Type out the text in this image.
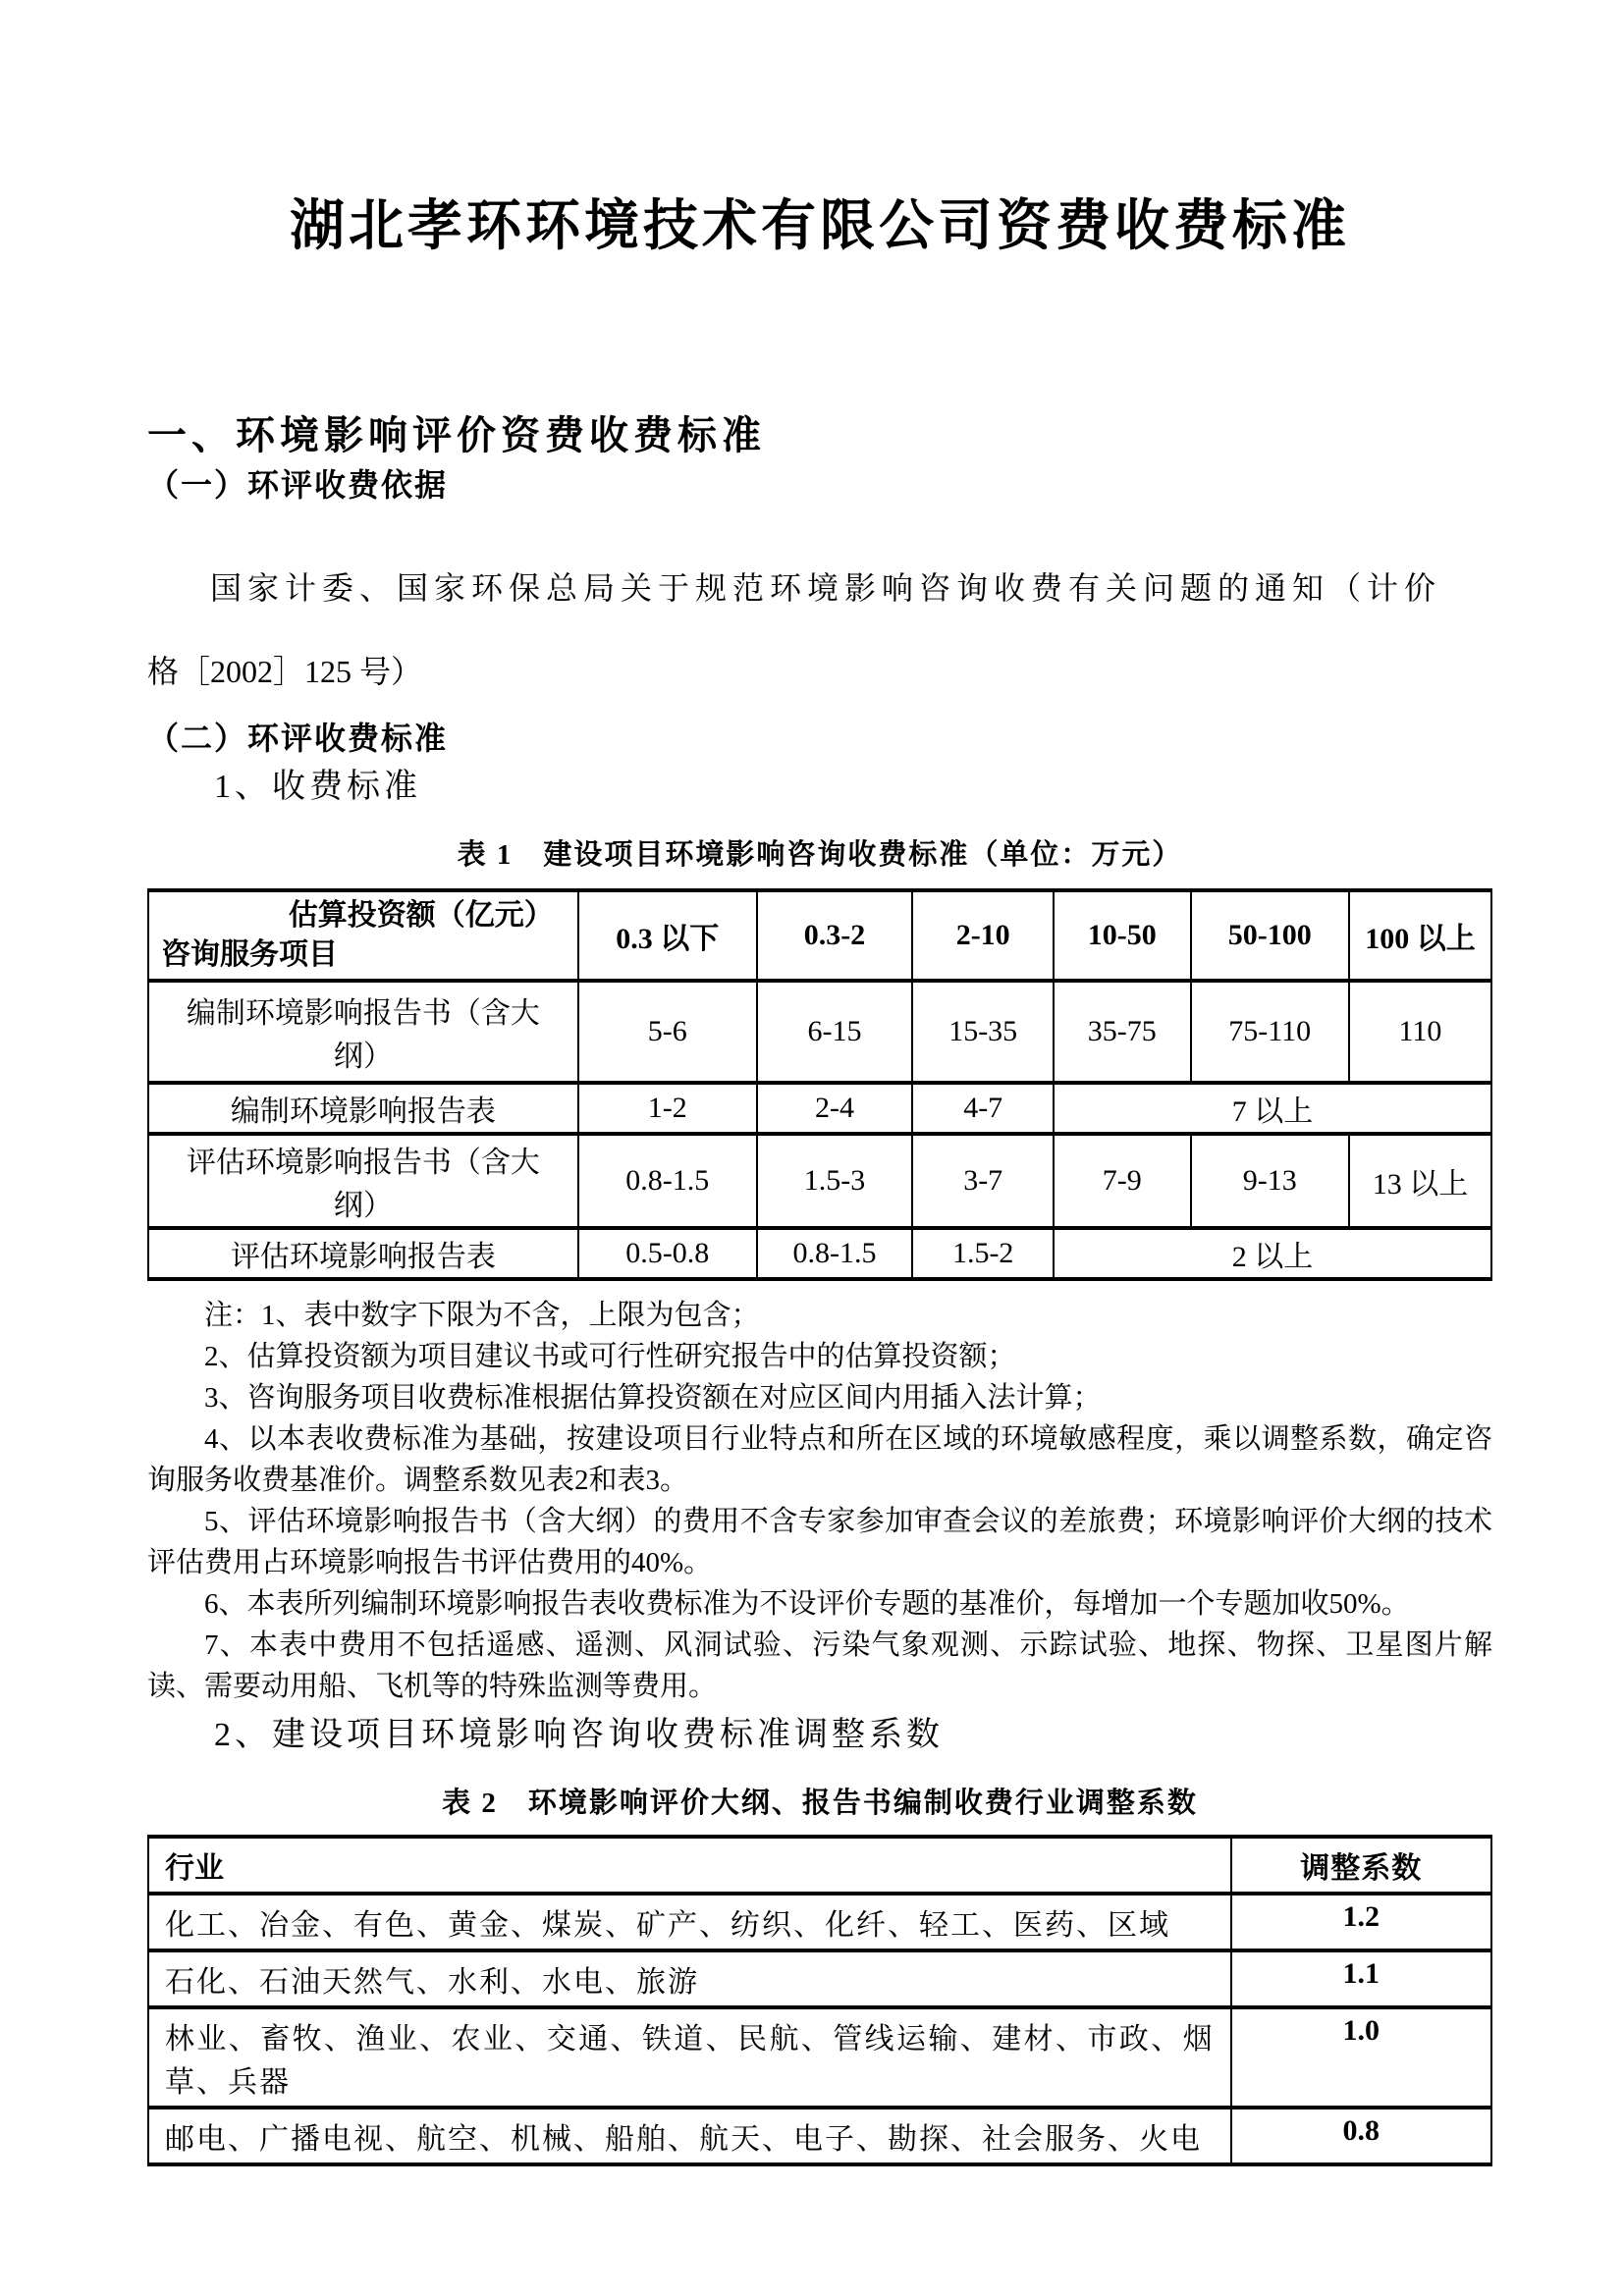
湖北孝环环境技术有限公司资费收费标准
一、环境影响评价资费收费标准
（一）环评收费依据

国家计委、国家环保总局关于规范环境影响咨询收费有关问题的通知（计价
格［2002］125 号）

（二）环评收费标准
1、收费标准
表 1　建设项目环境影响咨询收费标准（单位：万元）
估算投资额（亿元）
咨询服务项目	0.3 以下	0.3-2	2-10	10-50	50-100	100 以上
编制环境影响报告书（含大纲）	5-6	6-15	15-35	35-75	75-110	110
编制环境影响报告表	1-2	2-4	4-7	7 以上		
评估环境影响报告书（含大纲）	0.8-1.5	1.5-3	3-7	7-9	9-13	13 以上
评估环境影响报告表	0.5-0.8	0.8-1.5	1.5-2	2 以上		

注：1、表中数字下限为不含，上限为包含；

2、估算投资额为项目建议书或可行性研究报告中的估算投资额；

3、咨询服务项目收费标准根据估算投资额在对应区间内用插入法计算；

4、以本表收费标准为基础，按建设项目行业特点和所在区域的环境敏感程度，乘以调整系数，确定咨询服务收费基准价。调整系数见表2和表3。

5、评估环境影响报告书（含大纲）的费用不含专家参加审查会议的差旅费；环境影响评价大纲的技术评估费用占环境影响报告书评估费用的40%。

6、本表所列编制环境影响报告表收费标准为不设评价专题的基准价，每增加一个专题加收50%。

7、本表中费用不包括遥感、遥测、风洞试验、污染气象观测、示踪试验、地探、物探、卫星图片解读、需要动用船、飞机等的特殊监测等费用。

2、建设项目环境影响咨询收费标准调整系数
表 2　环境影响评价大纲、报告书编制收费行业调整系数
行业	调整系数
化工、冶金、有色、黄金、煤炭、矿产、纺织、化纤、轻工、医药、区域	1.2
石化、石油天然气、水利、水电、旅游	1.1
林业、畜牧、渔业、农业、交通、铁道、民航、管线运输、建材、市政、烟草、兵器	1.0
邮电、广播电视、航空、机械、船舶、航天、电子、勘探、社会服务、火电	0.8
